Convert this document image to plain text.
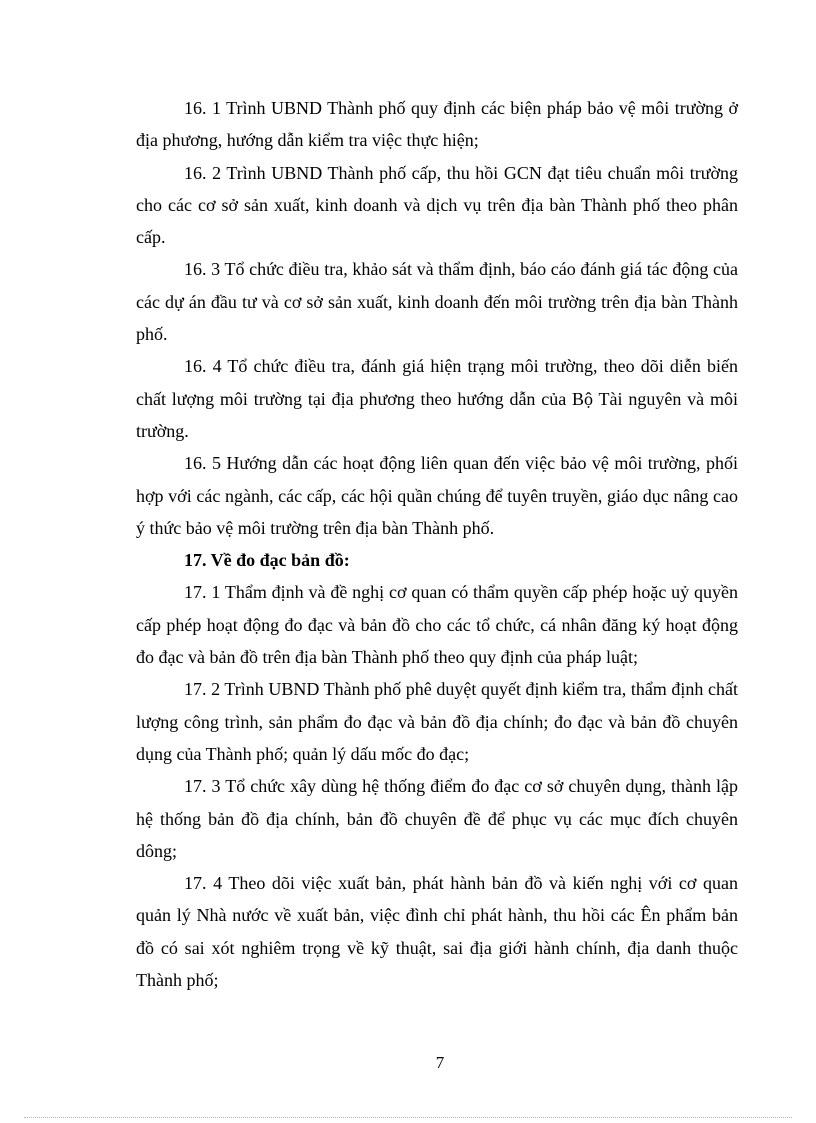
16. 1 Trình UBND Thành phố quy định các biện pháp bảo vệ môi trường ở địa phương, hướng dẫn kiểm tra việc thực hiện;

16. 2 Trình UBND Thành phố cấp, thu hồi GCN đạt tiêu chuẩn môi trường cho các cơ sở sản xuất, kinh doanh và dịch vụ trên địa bàn Thành phố theo phân cấp.

16. 3 Tổ chức điều tra, khảo sát và thẩm định, báo cáo đánh giá tác động của các dự án đầu tư và cơ sở sản xuất, kinh doanh đến môi trường trên địa bàn Thành phố.

16. 4 Tổ chức điều tra, đánh giá hiện trạng môi trường, theo dõi diễn biến chất lượng môi trường tại địa phương theo hướng dẫn của Bộ Tài nguyên và môi trường.

16. 5 Hướng dẫn các hoạt động liên quan đến việc bảo vệ môi trường, phối hợp với các ngành, các cấp, các hội quần chúng để tuyên truyền, giáo dục nâng cao ý thức bảo vệ môi trường trên địa bàn Thành phố.

17. Về đo đạc bản đồ:

17. 1 Thẩm định và đề nghị cơ quan có thẩm quyền cấp phép hoặc uỷ quyền cấp phép hoạt động đo đạc và bản đồ cho các tổ chức, cá nhân đăng ký hoạt động đo đạc và bản đồ trên địa bàn Thành phố theo quy định của pháp luật;

17. 2 Trình UBND Thành phố phê duyệt quyết định kiểm tra, thẩm định chất lượng công trình, sản phẩm đo đạc và bản đồ địa chính; đo đạc và bản đồ chuyên dụng của Thành phố; quản lý dấu mốc đo đạc;

17. 3 Tổ chức xây dùng hệ thống điểm đo đạc cơ sở chuyên dụng, thành lập hệ thống bản đồ địa chính, bản đồ chuyên đề để phục vụ các mục đích chuyên dông;

17. 4 Theo dõi việc xuất bản, phát hành bản đồ và kiến nghị với cơ quan quản lý Nhà nước về xuất bản, việc đình chỉ phát hành, thu hồi các Ên phẩm bản đồ có sai xót nghiêm trọng về kỹ thuật, sai địa giới hành chính, địa danh thuộc Thành phố;

7
